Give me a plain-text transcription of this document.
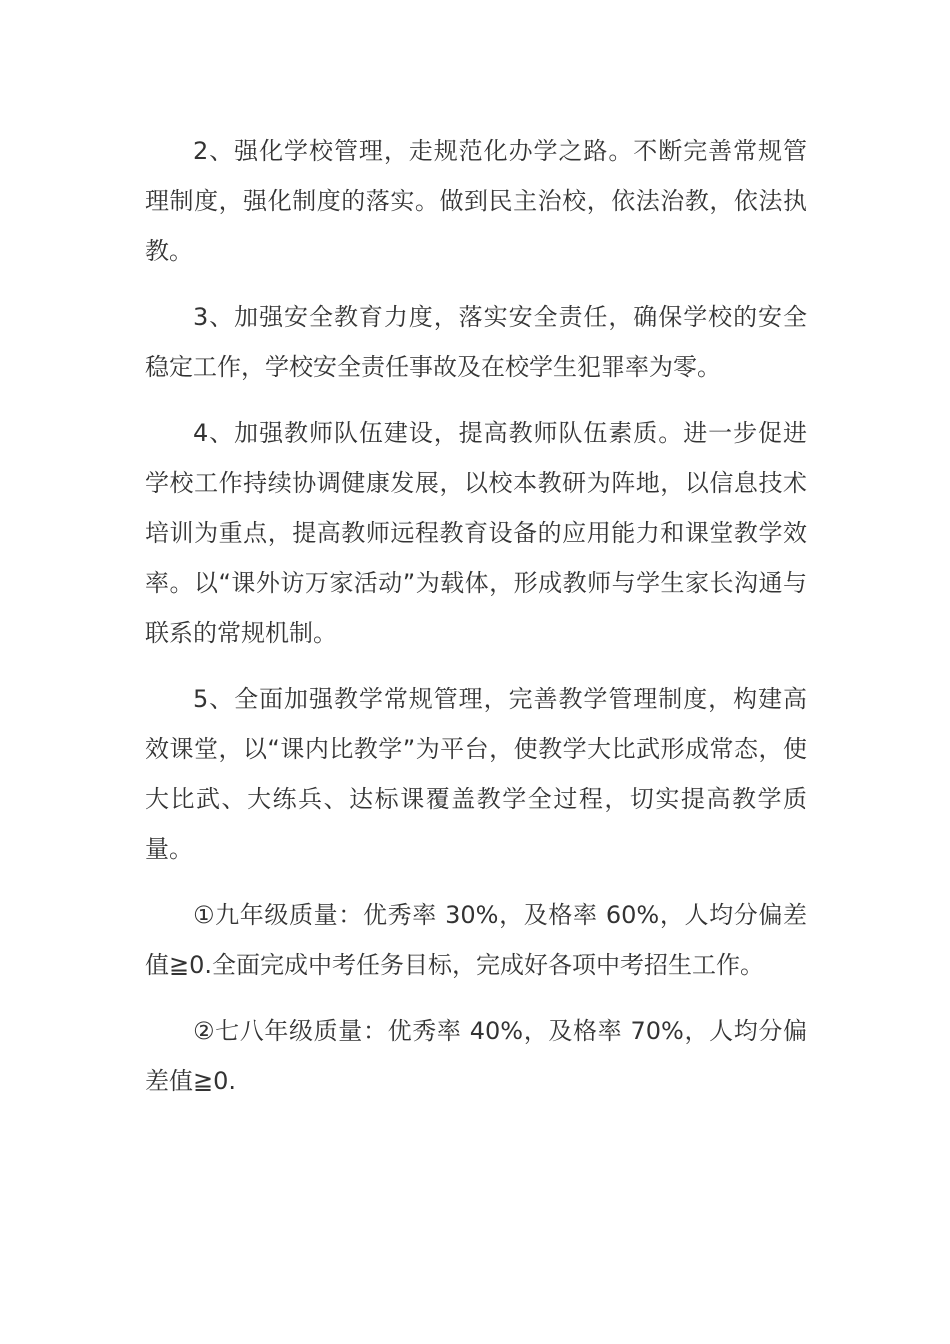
2、强化学校管理，走规范化办学之路。不断完善常规管理制度，强化制度的落实。做到民主治校，依法治教，依法执教。

3、加强安全教育力度，落实安全责任，确保学校的安全稳定工作，学校安全责任事故及在校学生犯罪率为零。

4、加强教师队伍建设，提高教师队伍素质。进一步促进学校工作持续协调健康发展，以校本教研为阵地，以信息技术培训为重点，提高教师远程教育设备的应用能力和课堂教学效率。以“课外访万家活动”为载体，形成教师与学生家长沟通与联系的常规机制。

5、全面加强教学常规管理，完善教学管理制度，构建高效课堂，以“课内比教学”为平台，使教学大比武形成常态，使大比武、大练兵、达标课覆盖教学全过程，切实提高教学质量。

①九年级质量：优秀率 30%，及格率 60%，人均分偏差值≧0.全面完成中考任务目标，完成好各项中考招生工作。

②七八年级质量：优秀率 40%，及格率 70%，人均分偏差值≧0.
